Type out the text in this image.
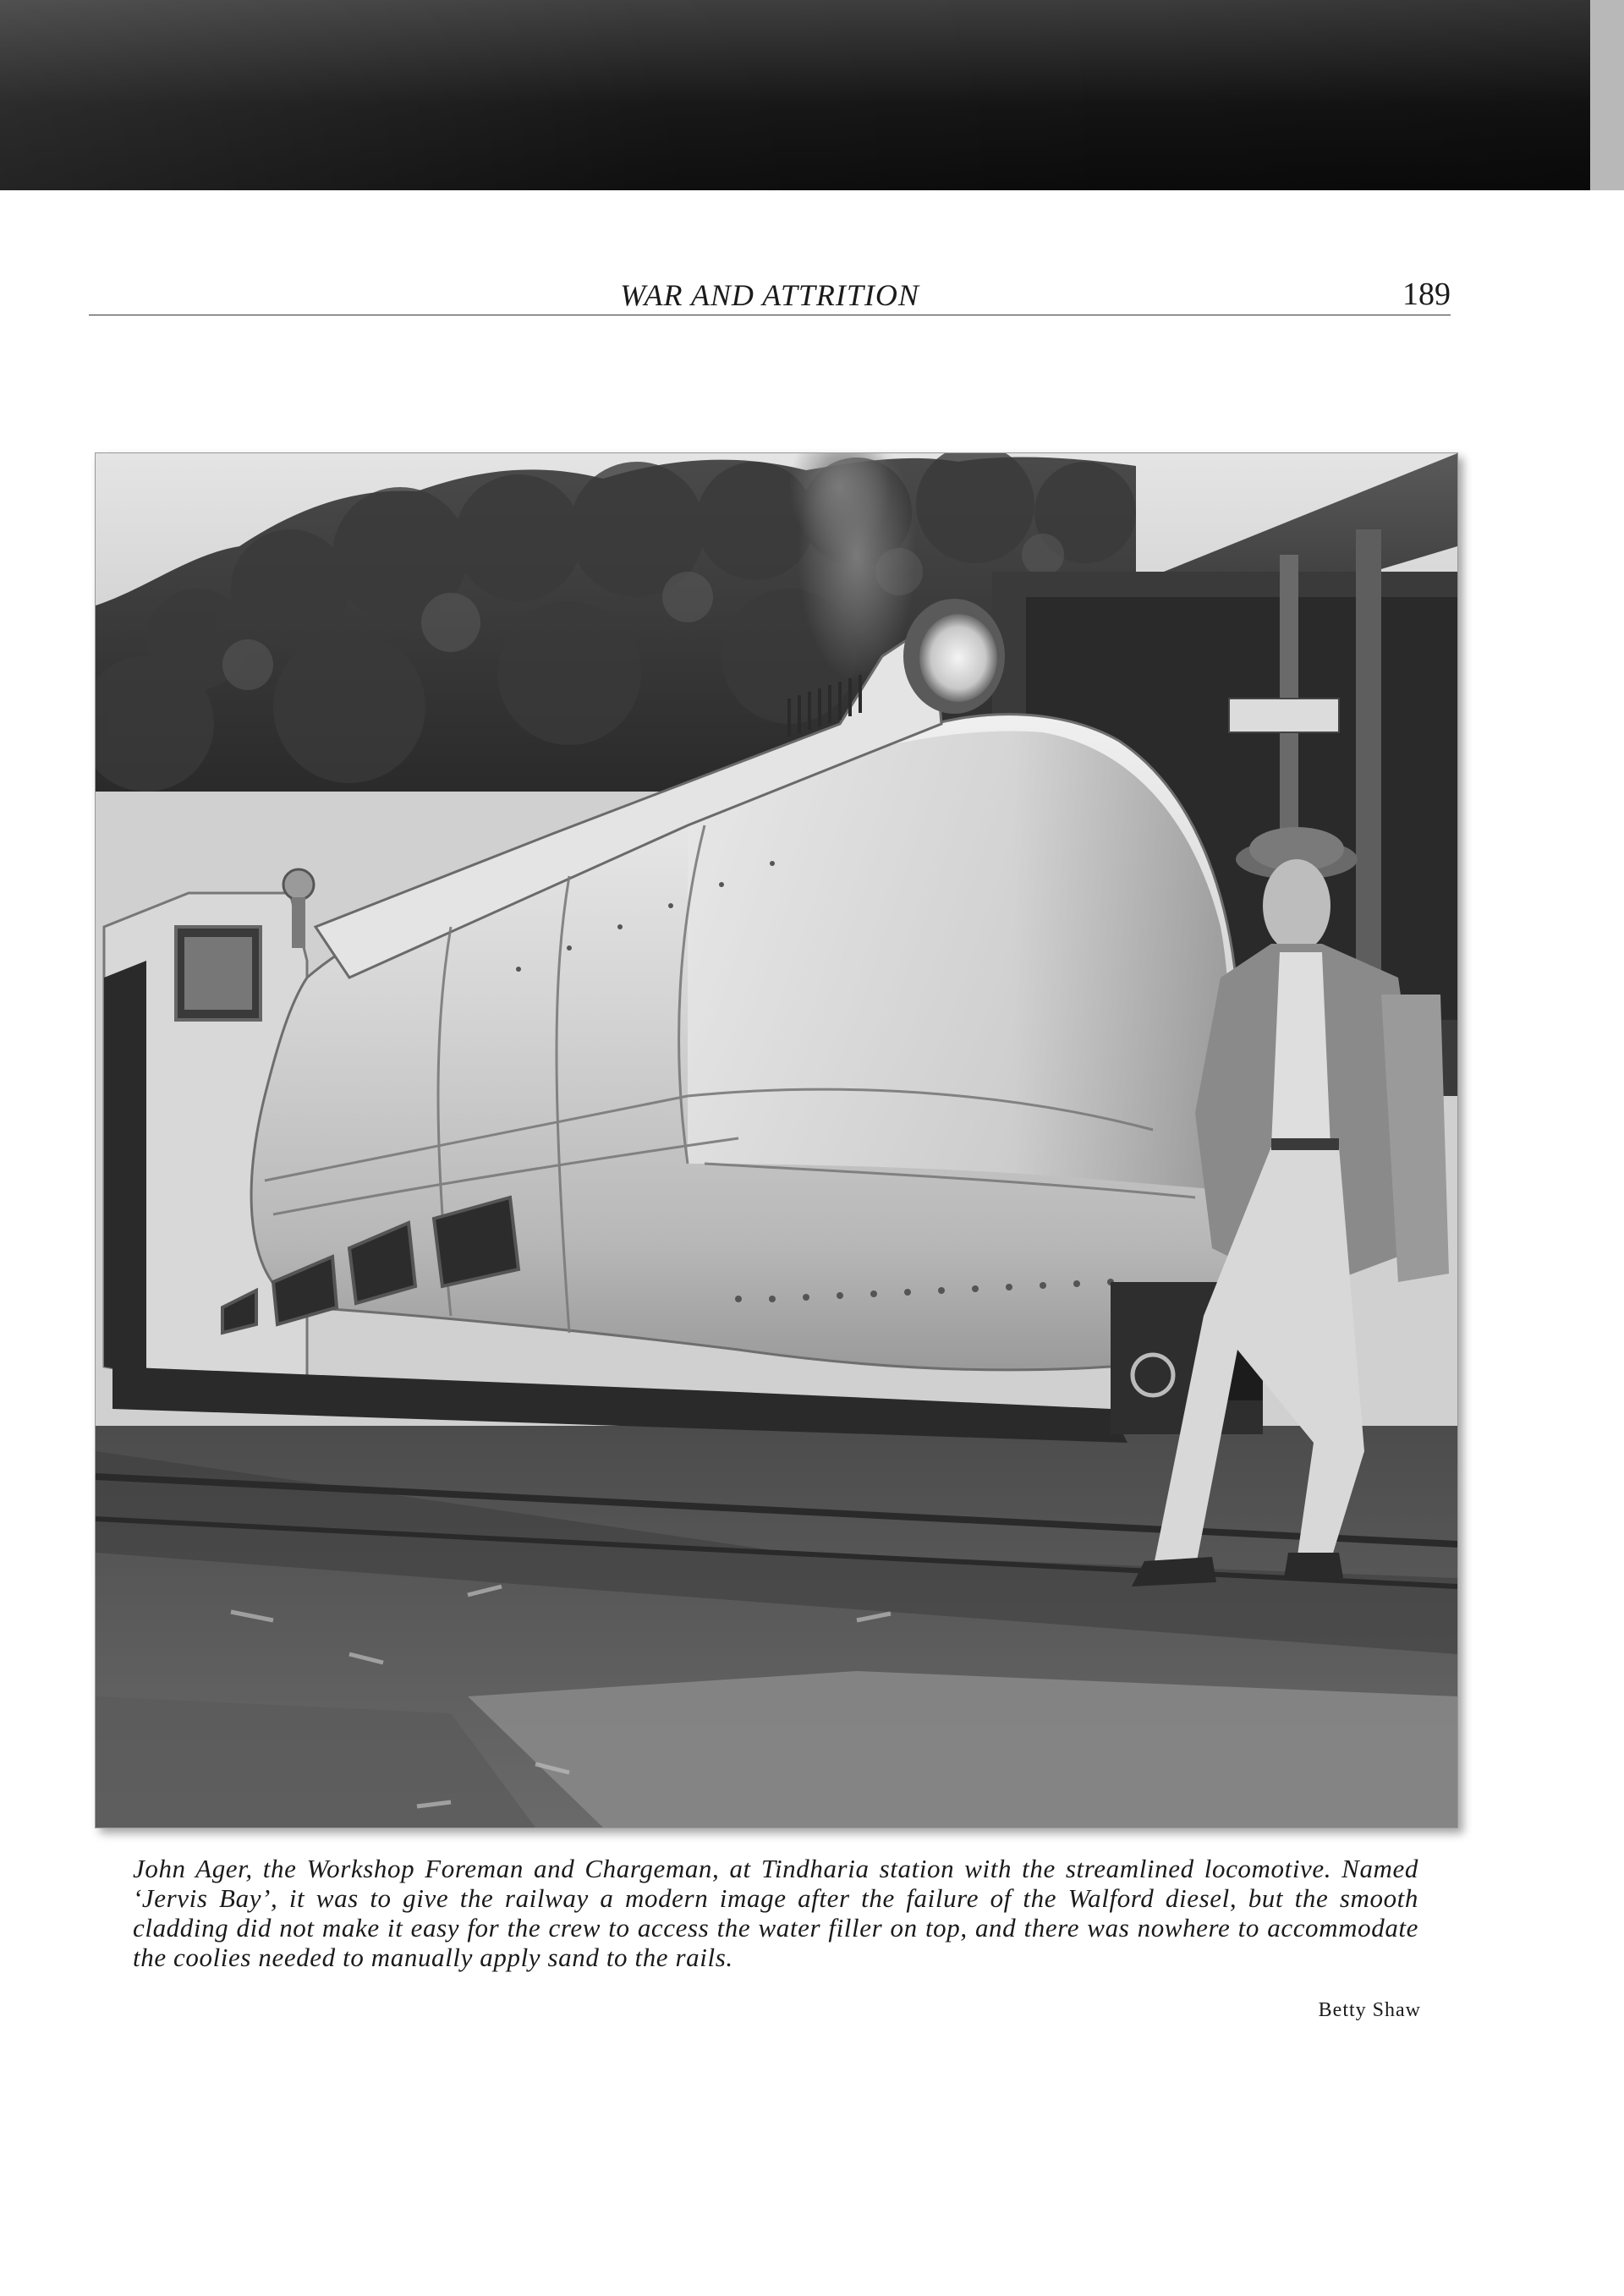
WAR AND ATTRITION	189
John Ager, the Workshop Foreman and Chargeman, at Tindharia station with the streamlined locomotive. Named ‘Jervis Bay’, it was to give the railway a modern image after the failure of the Walford diesel, but the smooth cladding did not make it easy for the crew to access the water filler on top, and there was nowhere to accommodate the coolies needed to manually apply sand to the rails.
Betty Shaw
